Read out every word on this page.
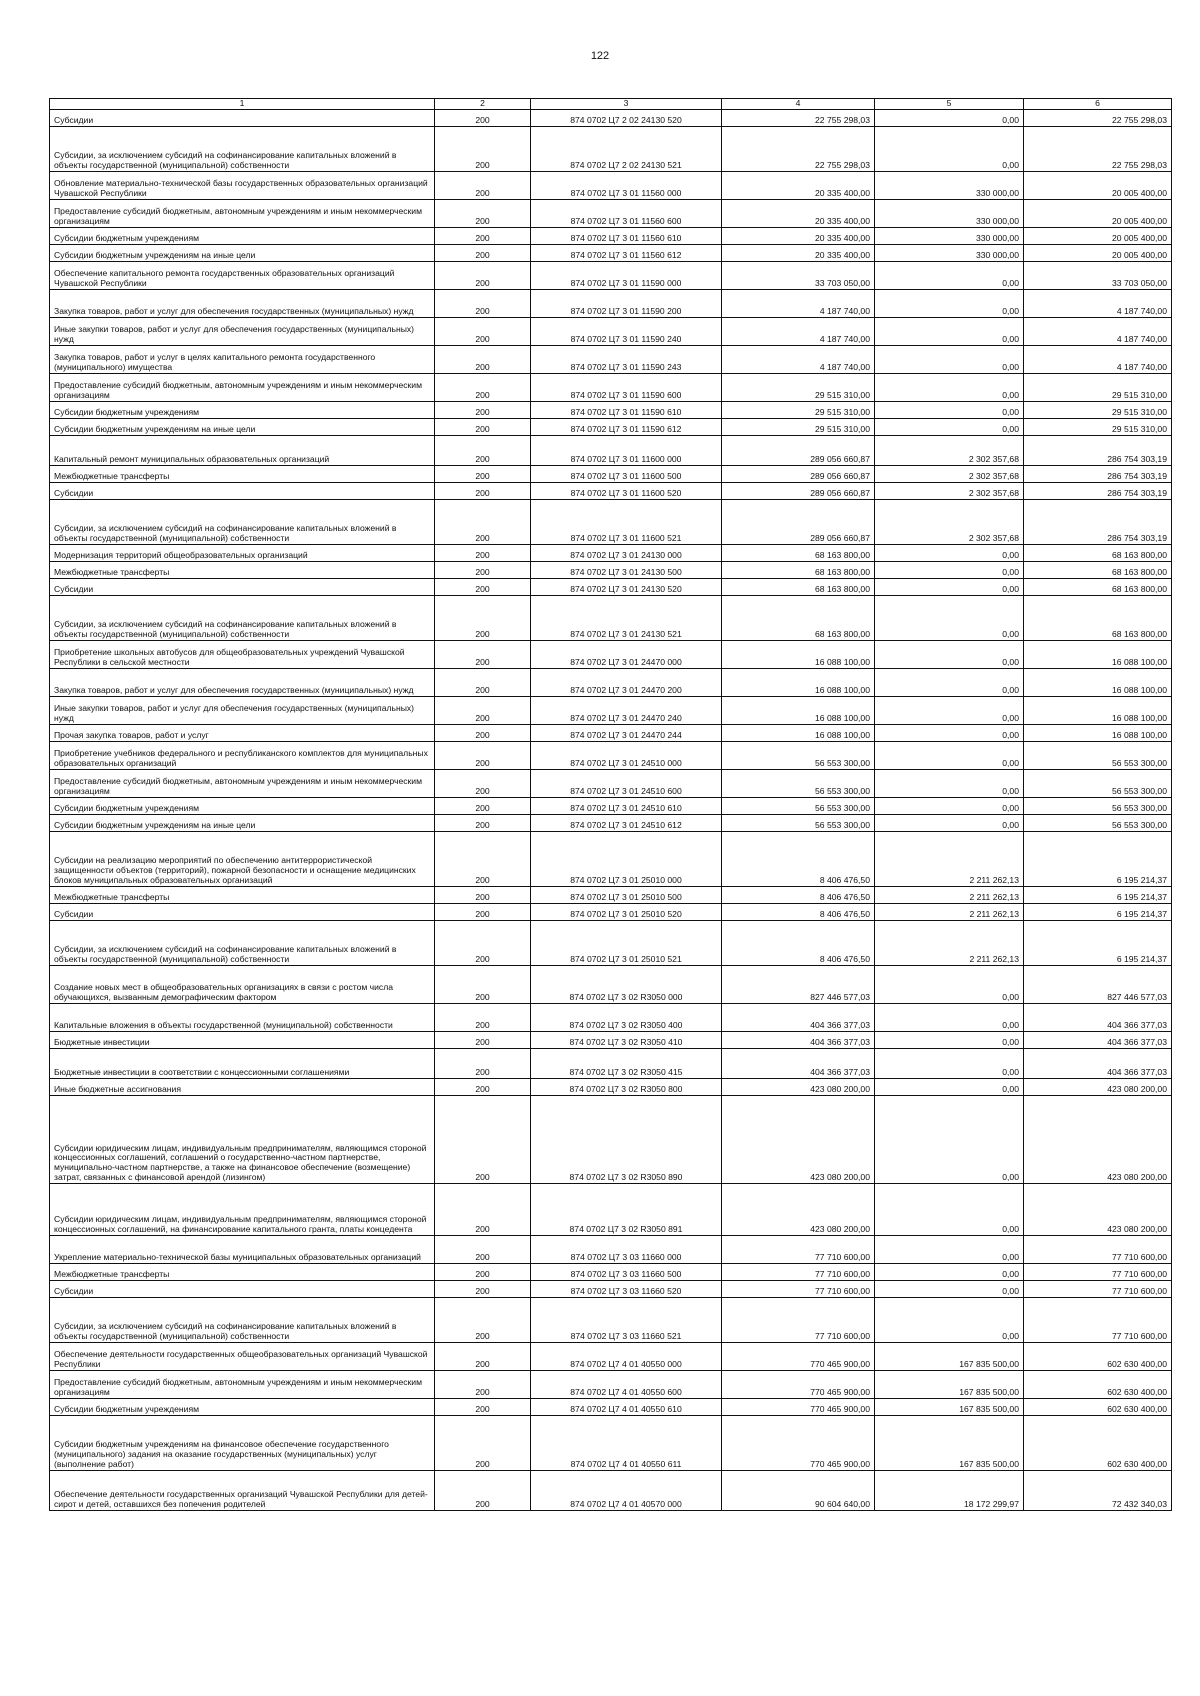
122
1	2	3	4	5	6
Субсидии	200	874 0702 Ц7 2 02 24130 520	22 755 298,03	0,00	22 755 298,03
Субсидии, за исключением субсидий на софинансирование капитальных вложений в объекты государственной (муниципальной) собственности	200	874 0702 Ц7 2 02 24130 521	22 755 298,03	0,00	22 755 298,03
Обновление материально-технической базы государственных образовательных организаций Чувашской Республики	200	874 0702 Ц7 3 01 11560 000	20 335 400,00	330 000,00	20 005 400,00
Предоставление субсидий бюджетным, автономным учреждениям и иным некоммерческим организациям	200	874 0702 Ц7 3 01 11560 600	20 335 400,00	330 000,00	20 005 400,00
Субсидии бюджетным учреждениям	200	874 0702 Ц7 3 01 11560 610	20 335 400,00	330 000,00	20 005 400,00
Субсидии бюджетным учреждениям на иные цели	200	874 0702 Ц7 3 01 11560 612	20 335 400,00	330 000,00	20 005 400,00
Обеспечение капитального ремонта государственных образовательных организаций Чувашской Республики	200	874 0702 Ц7 3 01 11590 000	33 703 050,00	0,00	33 703 050,00
Закупка товаров, работ и услуг для обеспечения государственных (муниципальных) нужд	200	874 0702 Ц7 3 01 11590 200	4 187 740,00	0,00	4 187 740,00
Иные закупки товаров, работ и услуг для обеспечения государственных (муниципальных) нужд	200	874 0702 Ц7 3 01 11590 240	4 187 740,00	0,00	4 187 740,00
Закупка товаров, работ и услуг в целях капитального ремонта государственного (муниципального) имущества	200	874 0702 Ц7 3 01 11590 243	4 187 740,00	0,00	4 187 740,00
Предоставление субсидий бюджетным, автономным учреждениям и иным некоммерческим организациям	200	874 0702 Ц7 3 01 11590 600	29 515 310,00	0,00	29 515 310,00
Субсидии бюджетным учреждениям	200	874 0702 Ц7 3 01 11590 610	29 515 310,00	0,00	29 515 310,00
Субсидии бюджетным учреждениям на иные цели	200	874 0702 Ц7 3 01 11590 612	29 515 310,00	0,00	29 515 310,00
Капитальный ремонт муниципальных образовательных организаций	200	874 0702 Ц7 3 01 11600 000	289 056 660,87	2 302 357,68	286 754 303,19
Межбюджетные трансферты	200	874 0702 Ц7 3 01 11600 500	289 056 660,87	2 302 357,68	286 754 303,19
Субсидии	200	874 0702 Ц7 3 01 11600 520	289 056 660,87	2 302 357,68	286 754 303,19
Субсидии, за исключением субсидий на софинансирование капитальных вложений в объекты государственной (муниципальной) собственности	200	874 0702 Ц7 3 01 11600 521	289 056 660,87	2 302 357,68	286 754 303,19
Модернизация территорий общеобразовательных организаций	200	874 0702 Ц7 3 01 24130 000	68 163 800,00	0,00	68 163 800,00
Межбюджетные трансферты	200	874 0702 Ц7 3 01 24130 500	68 163 800,00	0,00	68 163 800,00
Субсидии	200	874 0702 Ц7 3 01 24130 520	68 163 800,00	0,00	68 163 800,00
Субсидии, за исключением субсидий на софинансирование капитальных вложений в объекты государственной (муниципальной) собственности	200	874 0702 Ц7 3 01 24130 521	68 163 800,00	0,00	68 163 800,00
Приобретение школьных автобусов для общеобразовательных учреждений Чувашской Республики в сельской местности	200	874 0702 Ц7 3 01 24470 000	16 088 100,00	0,00	16 088 100,00
Закупка товаров, работ и услуг для обеспечения государственных (муниципальных) нужд	200	874 0702 Ц7 3 01 24470 200	16 088 100,00	0,00	16 088 100,00
Иные закупки товаров, работ и услуг для обеспечения государственных (муниципальных) нужд	200	874 0702 Ц7 3 01 24470 240	16 088 100,00	0,00	16 088 100,00
Прочая закупка товаров, работ и услуг	200	874 0702 Ц7 3 01 24470 244	16 088 100,00	0,00	16 088 100,00
Приобретение учебников федерального и республиканского комплектов для муниципальных образовательных организаций	200	874 0702 Ц7 3 01 24510 000	56 553 300,00	0,00	56 553 300,00
Предоставление субсидий бюджетным, автономным учреждениям и иным некоммерческим организациям	200	874 0702 Ц7 3 01 24510 600	56 553 300,00	0,00	56 553 300,00
Субсидии бюджетным учреждениям	200	874 0702 Ц7 3 01 24510 610	56 553 300,00	0,00	56 553 300,00
Субсидии бюджетным учреждениям на иные цели	200	874 0702 Ц7 3 01 24510 612	56 553 300,00	0,00	56 553 300,00
Субсидии на реализацию мероприятий по обеспечению антитеррористической защищенности объектов (территорий), пожарной безопасности и оснащение медицинских блоков муниципальных образовательных организаций	200	874 0702 Ц7 3 01 25010 000	8 406 476,50	2 211 262,13	6 195 214,37
Межбюджетные трансферты	200	874 0702 Ц7 3 01 25010 500	8 406 476,50	2 211 262,13	6 195 214,37
Субсидии	200	874 0702 Ц7 3 01 25010 520	8 406 476,50	2 211 262,13	6 195 214,37
Субсидии, за исключением субсидий на софинансирование капитальных вложений в объекты государственной (муниципальной) собственности	200	874 0702 Ц7 3 01 25010 521	8 406 476,50	2 211 262,13	6 195 214,37
Создание новых мест в общеобразовательных организациях в связи с ростом числа обучающихся, вызванным демографическим фактором	200	874 0702 Ц7 3 02 R3050 000	827 446 577,03	0,00	827 446 577,03
Капитальные вложения в объекты государственной (муниципальной) собственности	200	874 0702 Ц7 3 02 R3050 400	404 366 377,03	0,00	404 366 377,03
Бюджетные инвестиции	200	874 0702 Ц7 3 02 R3050 410	404 366 377,03	0,00	404 366 377,03
Бюджетные инвестиции в соответствии с концессионными соглашениями	200	874 0702 Ц7 3 02 R3050 415	404 366 377,03	0,00	404 366 377,03
Иные бюджетные ассигнования	200	874 0702 Ц7 3 02 R3050 800	423 080 200,00	0,00	423 080 200,00
Субсидии юридическим лицам, индивидуальным предпринимателям, являющимся стороной концессионных соглашений, соглашений о государственно-частном партнерстве, муниципально-частном партнерстве, а также на финансовое обеспечение (возмещение) затрат, связанных с финансовой арендой (лизингом)	200	874 0702 Ц7 3 02 R3050 890	423 080 200,00	0,00	423 080 200,00
Субсидии юридическим лицам, индивидуальным предпринимателям, являющимся стороной концессионных соглашений, на финансирование капитального гранта, платы концедента	200	874 0702 Ц7 3 02 R3050 891	423 080 200,00	0,00	423 080 200,00
Укрепление материально-технической базы муниципальных образовательных организаций	200	874 0702 Ц7 3 03 11660 000	77 710 600,00	0,00	77 710 600,00
Межбюджетные трансферты	200	874 0702 Ц7 3 03 11660 500	77 710 600,00	0,00	77 710 600,00
Субсидии	200	874 0702 Ц7 3 03 11660 520	77 710 600,00	0,00	77 710 600,00
Субсидии, за исключением субсидий на софинансирование капитальных вложений в объекты государственной (муниципальной) собственности	200	874 0702 Ц7 3 03 11660 521	77 710 600,00	0,00	77 710 600,00
Обеспечение деятельности государственных общеобразовательных организаций Чувашской Республики	200	874 0702 Ц7 4 01 40550 000	770 465 900,00	167 835 500,00	602 630 400,00
Предоставление субсидий бюджетным, автономным учреждениям и иным некоммерческим организациям	200	874 0702 Ц7 4 01 40550 600	770 465 900,00	167 835 500,00	602 630 400,00
Субсидии бюджетным учреждениям	200	874 0702 Ц7 4 01 40550 610	770 465 900,00	167 835 500,00	602 630 400,00
Субсидии бюджетным учреждениям на финансовое обеспечение государственного (муниципального) задания на оказание государственных (муниципальных) услуг (выполнение работ)	200	874 0702 Ц7 4 01 40550 611	770 465 900,00	167 835 500,00	602 630 400,00
Обеспечение деятельности государственных организаций Чувашской Республики для детей-сирот и детей, оставшихся без попечения родителей	200	874 0702 Ц7 4 01 40570 000	90 604 640,00	18 172 299,97	72 432 340,03
